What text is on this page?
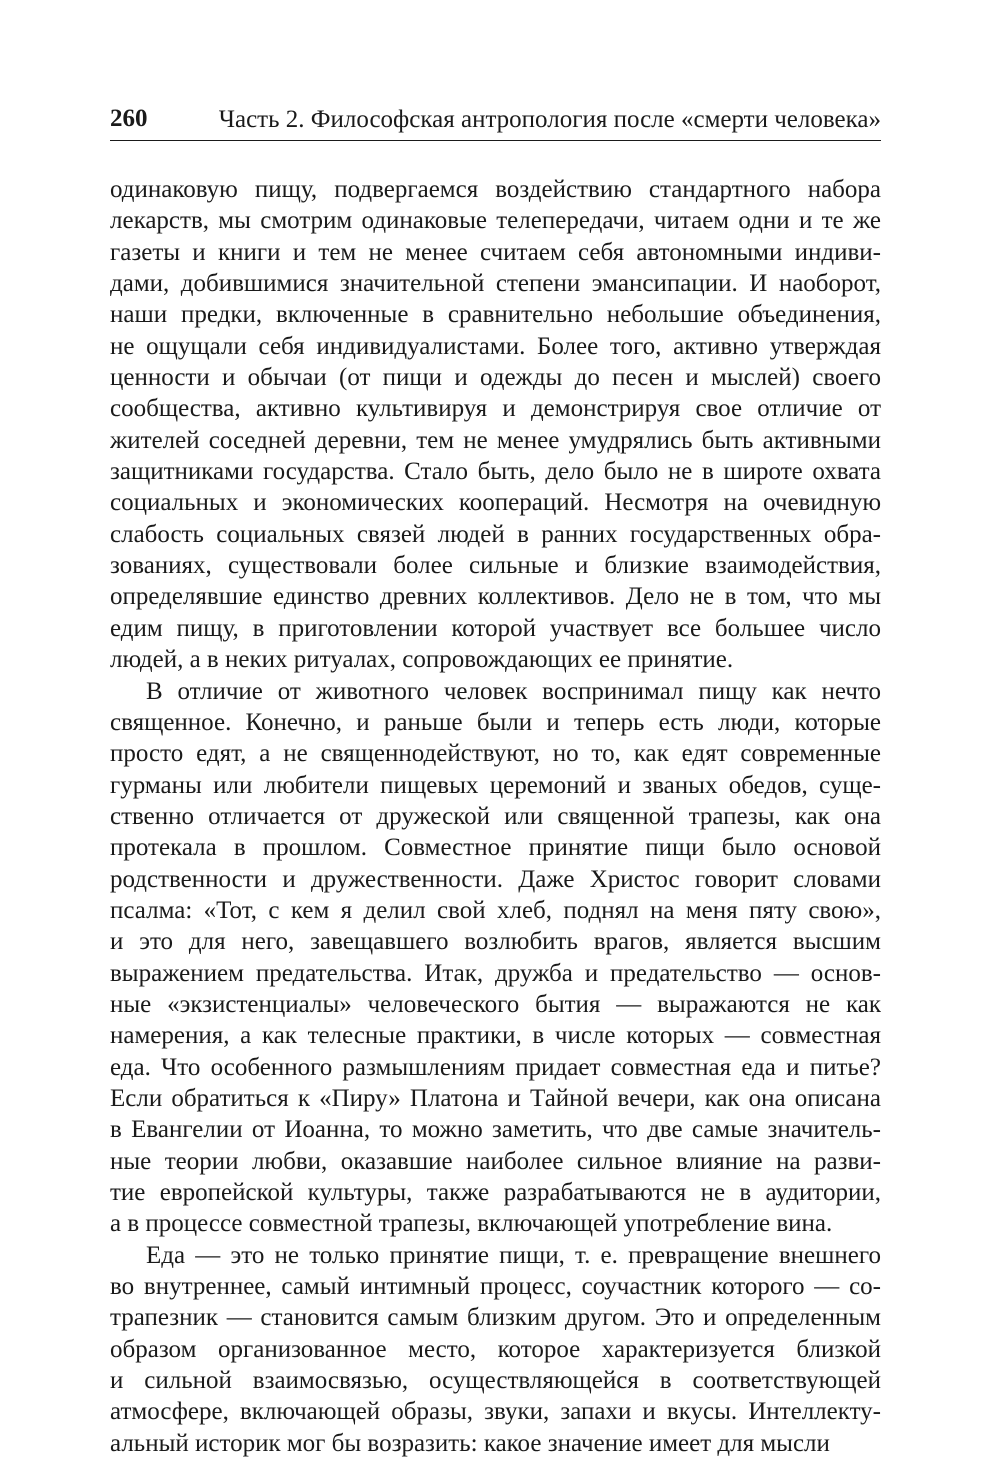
260	Часть 2. Философская антропология после «смерти человека»
одинаковую пищу, подвергаемся воздействию стандартного набора
лекарств, мы смотрим одинаковые телепередачи, читаем одни и те же
газеты и книги и тем не менее считаем себя автономными индиви-
дами, добившимися значительной степени эмансипации. И наоборот,
наши предки, включенные в сравнительно небольшие объединения,
не ощущали себя индивидуалистами. Более того, активно утверждая
ценности и обычаи (от пищи и одежды до песен и мыслей) своего
сообщества, активно культивируя и демонстрируя свое отличие от
жителей соседней деревни, тем не менее умудрялись быть активными
защитниками государства. Стало быть, дело было не в широте охвата
социальных и экономических коопераций. Несмотря на очевидную
слабость социальных связей людей в ранних государственных обра-
зованиях, существовали более сильные и близкие взаимодействия,
определявшие единство древних коллективов. Дело не в том, что мы
едим пищу, в приготовлении которой участвует все большее число
людей, а в неких ритуалах, сопровождающих ее принятие.
В отличие от животного человек воспринимал пищу как нечто
священное. Конечно, и раньше были и теперь есть люди, которые
просто едят, а не священнодействуют, но то, как едят современные
гурманы или любители пищевых церемоний и званых обедов, суще-
ственно отличается от дружеской или священной трапезы, как она
протекала в прошлом. Совместное принятие пищи было основой
родственности и дружественности. Даже Христос говорит словами
псалма: «Тот, с кем я делил свой хлеб, поднял на меня пяту свою»,
и это для него, завещавшего возлюбить врагов, является высшим
выражением предательства. Итак, дружба и предательство — основ-
ные «экзистенциалы» человеческого бытия — выражаются не как
намерения, а как телесные практики, в числе которых — совместная
еда. Что особенного размышлениям придает совместная еда и питье?
Если обратиться к «Пиру» Платона и Тайной вечери, как она описана
в Евангелии от Иоанна, то можно заметить, что две самые значитель-
ные теории любви, оказавшие наиболее сильное влияние на разви-
тие европейской культуры, также разрабатываются не в аудитории,
а в процессе совместной трапезы, включающей употребление вина.
Еда — это не только принятие пищи, т. е. превращение внешнего
во внутреннее, самый интимный процесс, соучастник которого — со-
трапезник — становится самым близким другом. Это и определенным
образом организованное место, которое характеризуется близкой
и сильной взаимосвязью, осуществляющейся в соответствующей
атмосфере, включающей образы, звуки, запахи и вкусы. Интеллекту-
альный историк мог бы возразить: какое значение имеет для мысли
